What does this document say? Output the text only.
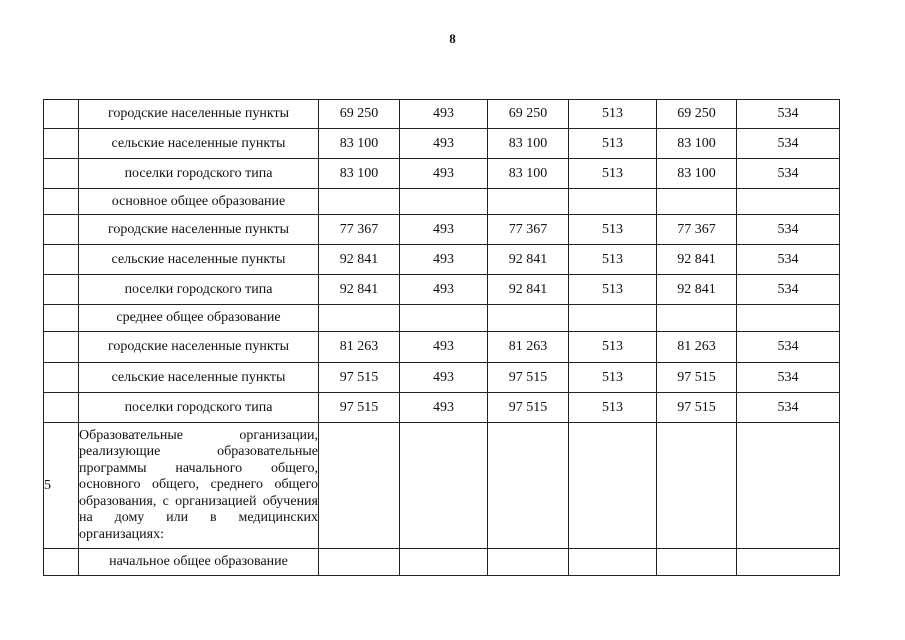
8
	городские населенные пункты	69 250	493	69 250	513	69 250	534
	сельские населенные пункты	83 100	493	83 100	513	83 100	534
	поселки городского типа	83 100	493	83 100	513	83 100	534
	основное общее образование						
	городские населенные пункты	77 367	493	77 367	513	77 367	534
	сельские населенные пункты	92 841	493	92 841	513	92 841	534
	поселки городского типа	92 841	493	92 841	513	92 841	534
	среднее общее образование						
	городские населенные пункты	81 263	493	81 263	513	81 263	534
	сельские населенные пункты	97 515	493	97 515	513	97 515	534
	поселки городского типа	97 515	493	97 515	513	97 515	534
5	Образовательные организации, реализующие образовательные программы начального общего, основного общего, среднего общего образования, с организацией обучения на дому или в медицинских организациях:						
	начальное общее образование						
